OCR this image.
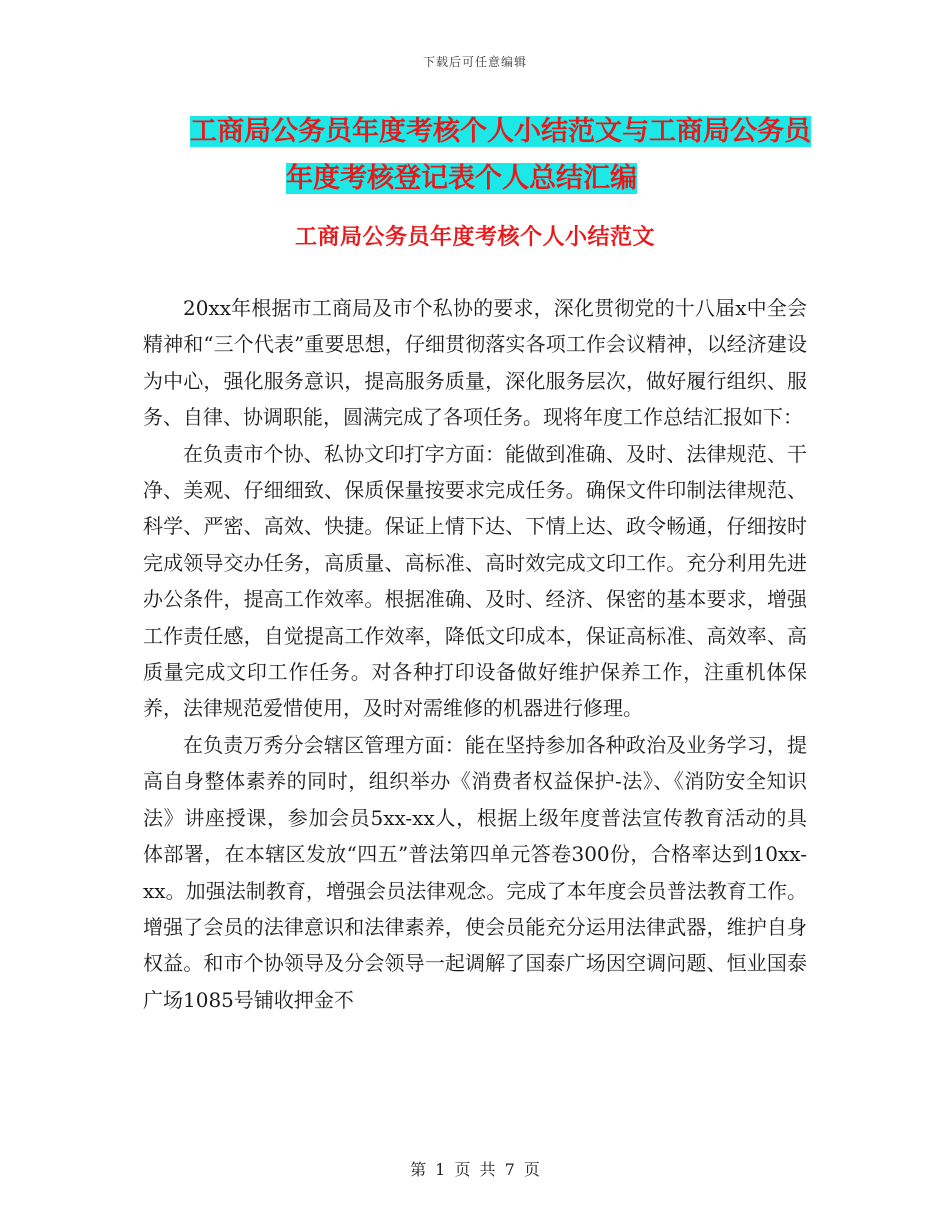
下载后可任意编辑
工商局公务员年度考核个人小结范文与工商局公务员
年度考核登记表个人总结汇编
工商局公务员年度考核个人小结范文

20xx年根据市工商局及市个私协的要求，深化贯彻党的十八届x中全会精神和“三个代表”重要思想，仔细贯彻落实各项工作会议精神，以经济建设为中心，强化服务意识，提高服务质量，深化服务层次，做好履行组织、服务、自律、协调职能，圆满完成了各项任务。现将年度工作总结汇报如下：

在负责市个协、私协文印打字方面：能做到准确、及时、法律规范、干净、美观、仔细细致、保质保量按要求完成任务。确保文件印制法律规范、科学、严密、高效、快捷。保证上情下达、下情上达、政令畅通，仔细按时完成领导交办任务，高质量、高标准、高时效完成文印工作。充分利用先进办公条件，提高工作效率。根据准确、及时、经济、保密的基本要求，增强工作责任感，自觉提高工作效率，降低文印成本，保证高标准、高效率、高质量完成文印工作任务。对各种打印设备做好维护保养工作，注重机体保养，法律规范爱惜使用，及时对需维修的机器进行修理。

在负责万秀分会辖区管理方面：能在坚持参加各种政治及业务学习，提高自身整体素养的同时，组织举办《消费者权益保护-法》、《消防安全知识法》讲座授课，参加会员5xx-xx人，根据上级年度普法宣传教育活动的具体部署，在本辖区发放“四五”普法第四单元答卷300份，合格率达到10xx-xx。加强法制教育，增强会员法律观念。完成了本年度会员普法教育工作。增强了会员的法律意识和法律素养，使会员能充分运用法律武器，维护自身权益。和市个协领导及分会领导一起调解了国泰广场因空调问题、恒业国泰广场1085号铺收押金不

第 1 页 共 7 页
